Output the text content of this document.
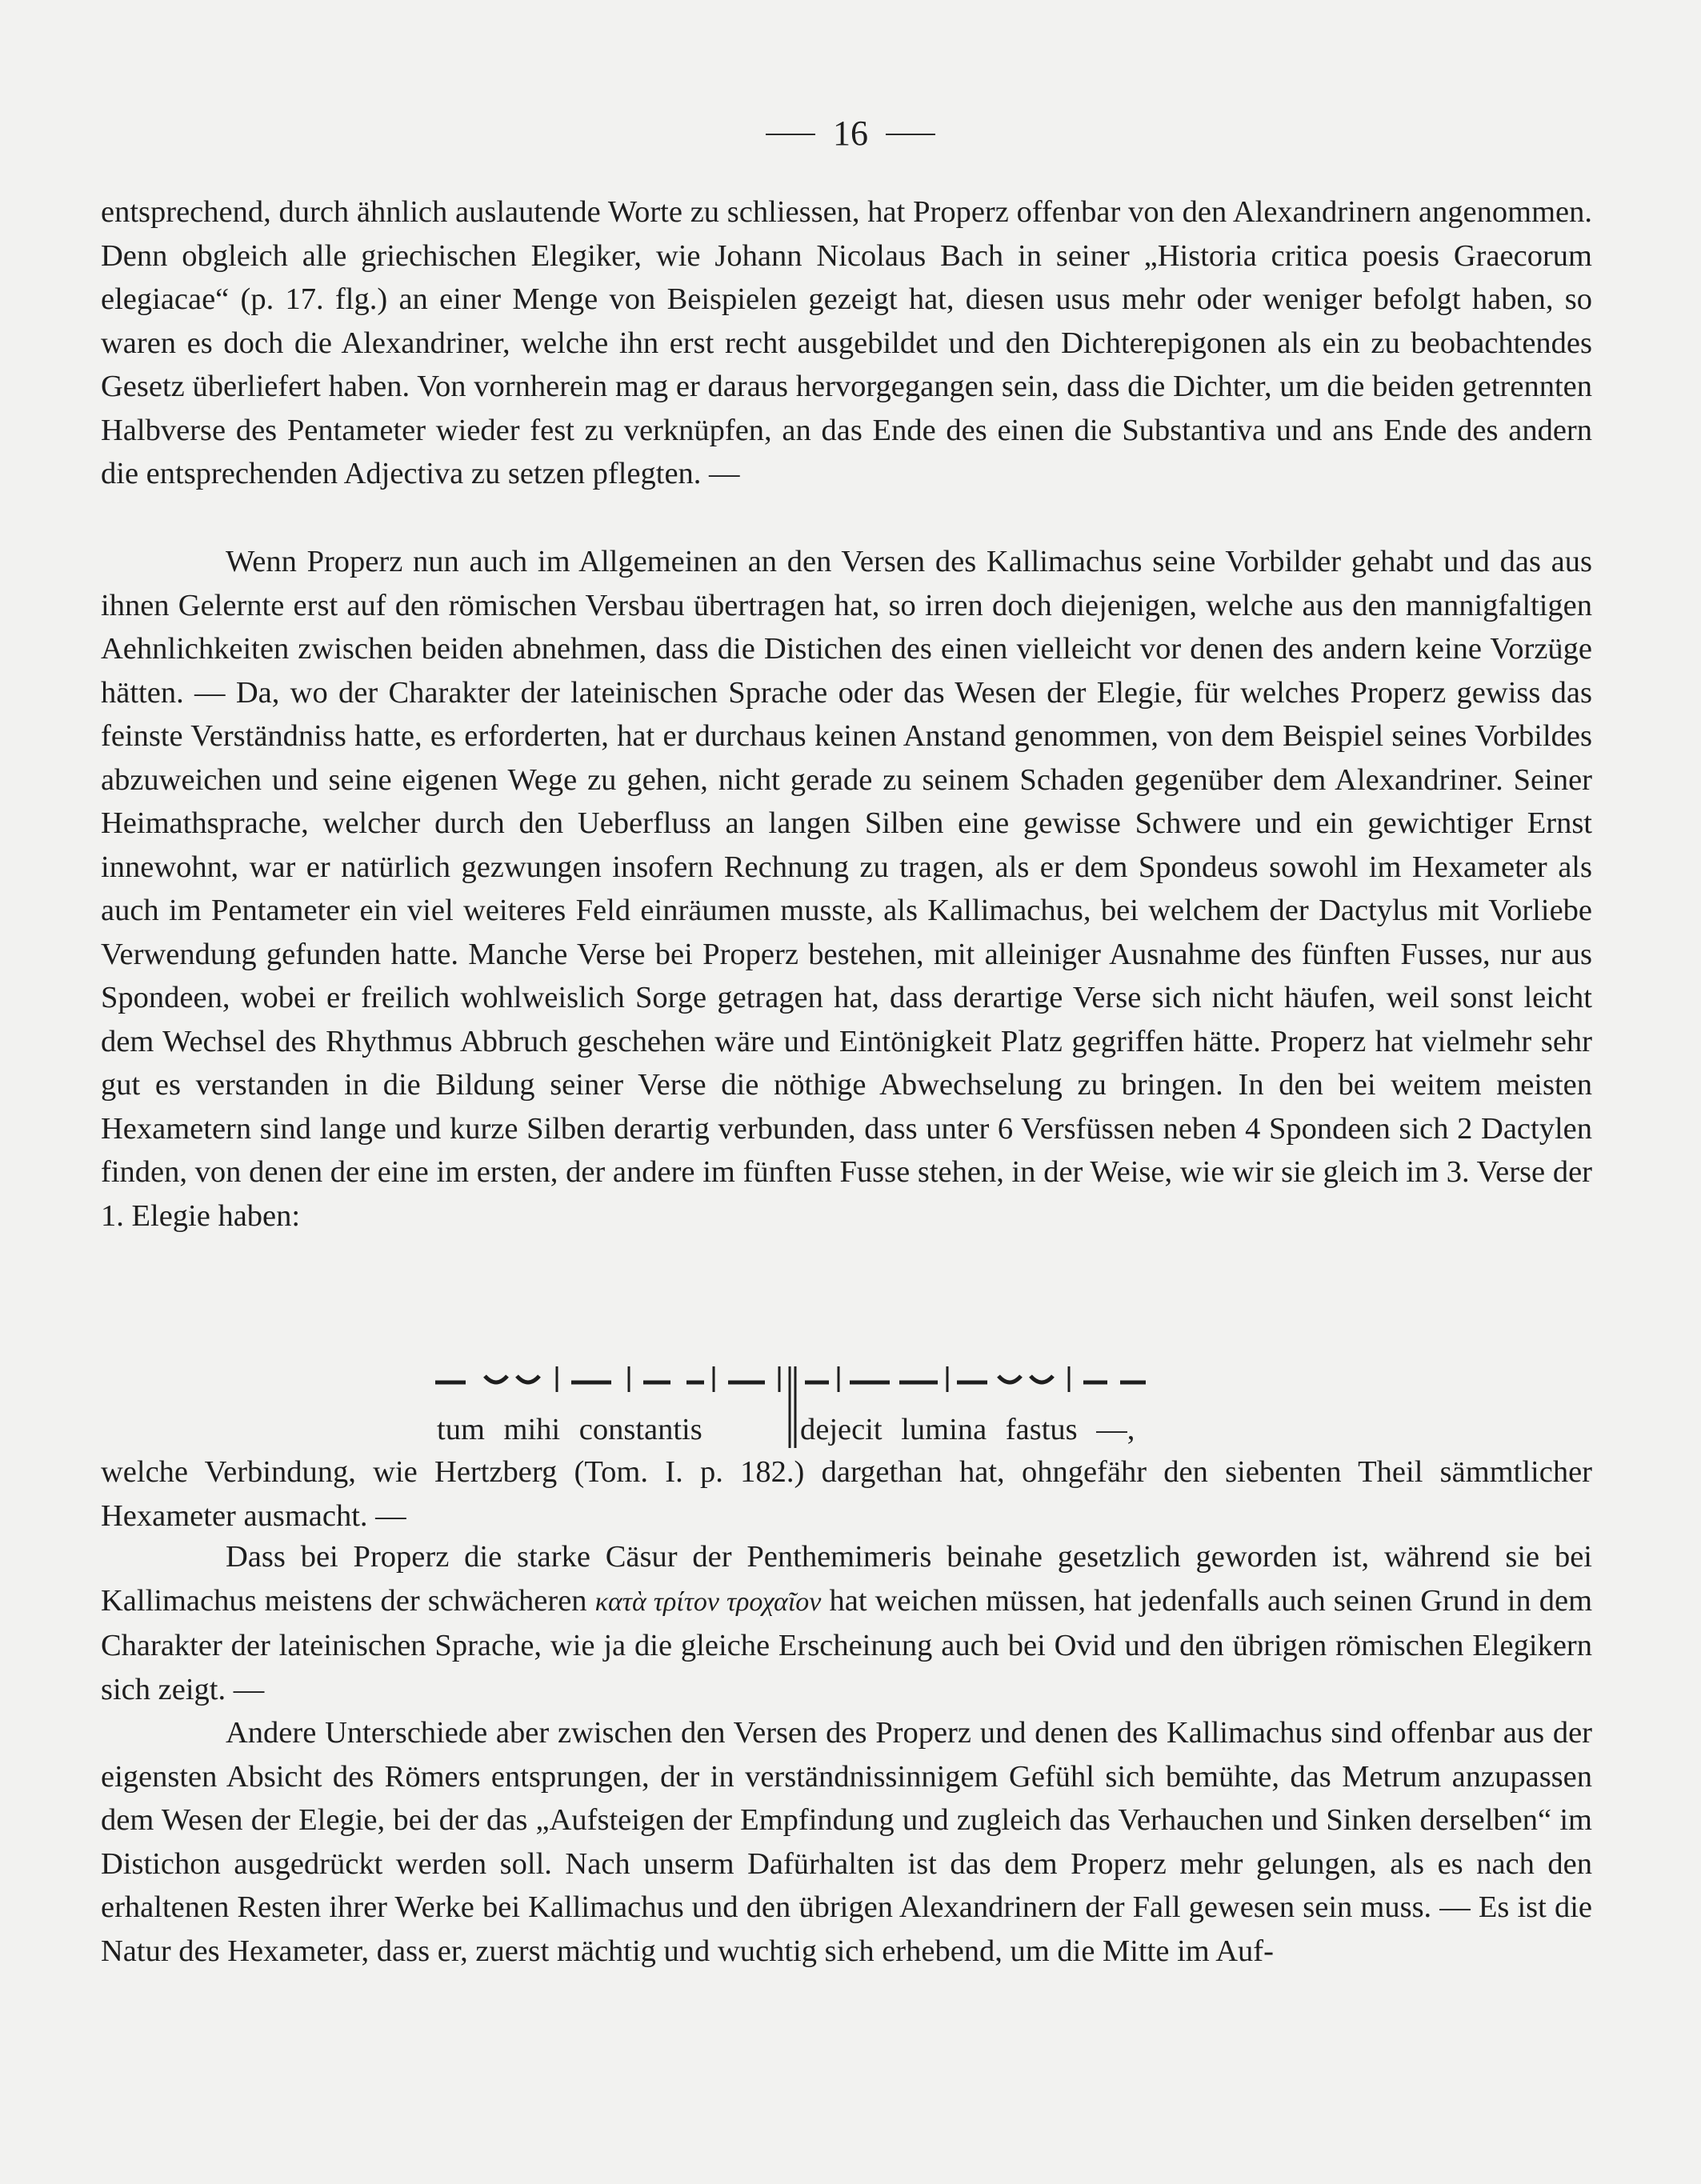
16

entsprechend, durch ähnlich auslautende Worte zu schliessen, hat Properz offenbar von den Alexandrinern angenommen. Denn obgleich alle griechischen Elegiker, wie Johann Nicolaus Bach in seiner „Historia critica poesis Graecorum elegiacae“ (p. 17. flg.) an einer Menge von Beispielen gezeigt hat, diesen usus mehr oder weniger befolgt haben, so waren es doch die Alexandriner, welche ihn erst recht ausgebildet und den Dichterepigonen als ein zu beobachtendes Gesetz überliefert haben. Von vornherein mag er daraus hervorgegangen sein, dass die Dichter, um die beiden getrennten Halbverse des Pentameter wieder fest zu verknüpfen, an das Ende des einen die Substantiva und ans Ende des andern die entsprechenden Adjectiva zu setzen pflegten. —

Wenn Properz nun auch im Allgemeinen an den Versen des Kallimachus seine Vorbilder gehabt und das aus ihnen Gelernte erst auf den römischen Versbau übertragen hat, so irren doch diejenigen, welche aus den mannigfaltigen Aehnlichkeiten zwischen beiden abnehmen, dass die Distichen des einen vielleicht vor denen des andern keine Vorzüge hätten. — Da, wo der Charakter der lateinischen Sprache oder das Wesen der Elegie, für welches Properz gewiss das feinste Verständniss hatte, es erforderten, hat er durchaus keinen Anstand genommen, von dem Beispiel seines Vorbildes abzuweichen und seine eigenen Wege zu gehen, nicht gerade zu seinem Schaden gegenüber dem Alexandriner. Seiner Heimathsprache, welcher durch den Ueberfluss an langen Silben eine gewisse Schwere und ein gewichtiger Ernst innewohnt, war er natürlich gezwungen insofern Rechnung zu tragen, als er dem Spondeus sowohl im Hexameter als auch im Pentameter ein viel weiteres Feld einräumen musste, als Kallimachus, bei welchem der Dactylus mit Vorliebe Verwendung gefunden hatte. Manche Verse bei Properz bestehen, mit alleiniger Ausnahme des fünften Fusses, nur aus Spondeen, wobei er freilich wohlweislich Sorge getragen hat, dass derartige Verse sich nicht häufen, weil sonst leicht dem Wechsel des Rhythmus Abbruch geschehen wäre und Eintönigkeit Platz gegriffen hätte. Properz hat vielmehr sehr gut es verstanden in die Bildung seiner Verse die nöthige Abwechselung zu bringen. In den bei weitem meisten Hexametern sind lange und kurze Silben derartig verbunden, dass unter 6 Versfüssen neben 4 Spondeen sich 2 Dactylen finden, von denen der eine im ersten, der andere im fünften Fusse stehen, in der Weise, wie wir sie gleich im 3. Verse der 1. Elegie haben:

tum mihi constantis	dejecit lumina fastus —,

welche Verbindung, wie Hertzberg (Tom. I. p. 182.) dargethan hat, ohngefähr den siebenten Theil sämmtlicher Hexameter ausmacht. —

Dass bei Properz die starke Cäsur der Penthemimeris beinahe gesetzlich geworden ist, während sie bei Kallimachus meistens der schwächeren κατὰ τρίτον τροχαῖον hat weichen müssen, hat jedenfalls auch seinen Grund in dem Charakter der lateinischen Sprache, wie ja die gleiche Erscheinung auch bei Ovid und den übrigen römischen Elegikern sich zeigt. —

Andere Unterschiede aber zwischen den Versen des Properz und denen des Kallimachus sind offenbar aus der eigensten Absicht des Römers entsprungen, der in verständnissinnigem Gefühl sich bemühte, das Metrum anzupassen dem Wesen der Elegie, bei der das „Aufsteigen der Empfindung und zugleich das Verhauchen und Sinken derselben“ im Distichon ausgedrückt werden soll. Nach unserm Dafürhalten ist das dem Properz mehr gelungen, als es nach den erhaltenen Resten ihrer Werke bei Kallimachus und den übrigen Alexandrinern der Fall gewesen sein muss. — Es ist die Natur des Hexameter, dass er, zuerst mächtig und wuchtig sich erhebend, um die Mitte im Auf-
